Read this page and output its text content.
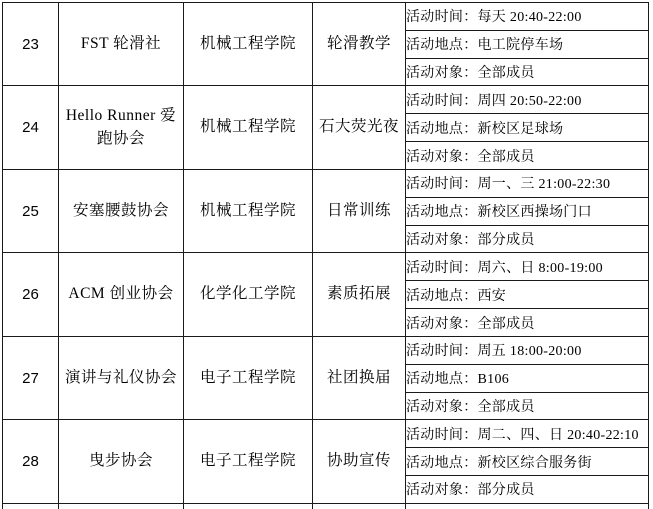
23	FST 轮滑社	机械工程学院	轮滑教学	活动时间：每天 20:40-22:00
				活动地点：电工院停车场
				活动对象：全部成员
24	Hello Runner 爱跑协会	机械工程学院	石大荧光夜	活动时间：周四 20:50-22:00
				活动地点：新校区足球场
				活动对象：全部成员
25	安塞腰鼓协会	机械工程学院	日常训练	活动时间：周一、三 21:00-22:30
				活动地点：新校区西操场门口
				活动对象：部分成员
26	ACM 创业协会	化学化工学院	素质拓展	活动时间：周六、日 8:00-19:00
				活动地点：西安
				活动对象：全部成员
27	演讲与礼仪协会	电子工程学院	社团换届	活动时间：周五 18:00-20:00
				活动地点：B106
				活动对象：全部成员
28	曳步协会	电子工程学院	协助宣传	活动时间：周二、四、日 20:40-22:10
				活动地点：新校区综合服务街
				活动对象：部分成员
